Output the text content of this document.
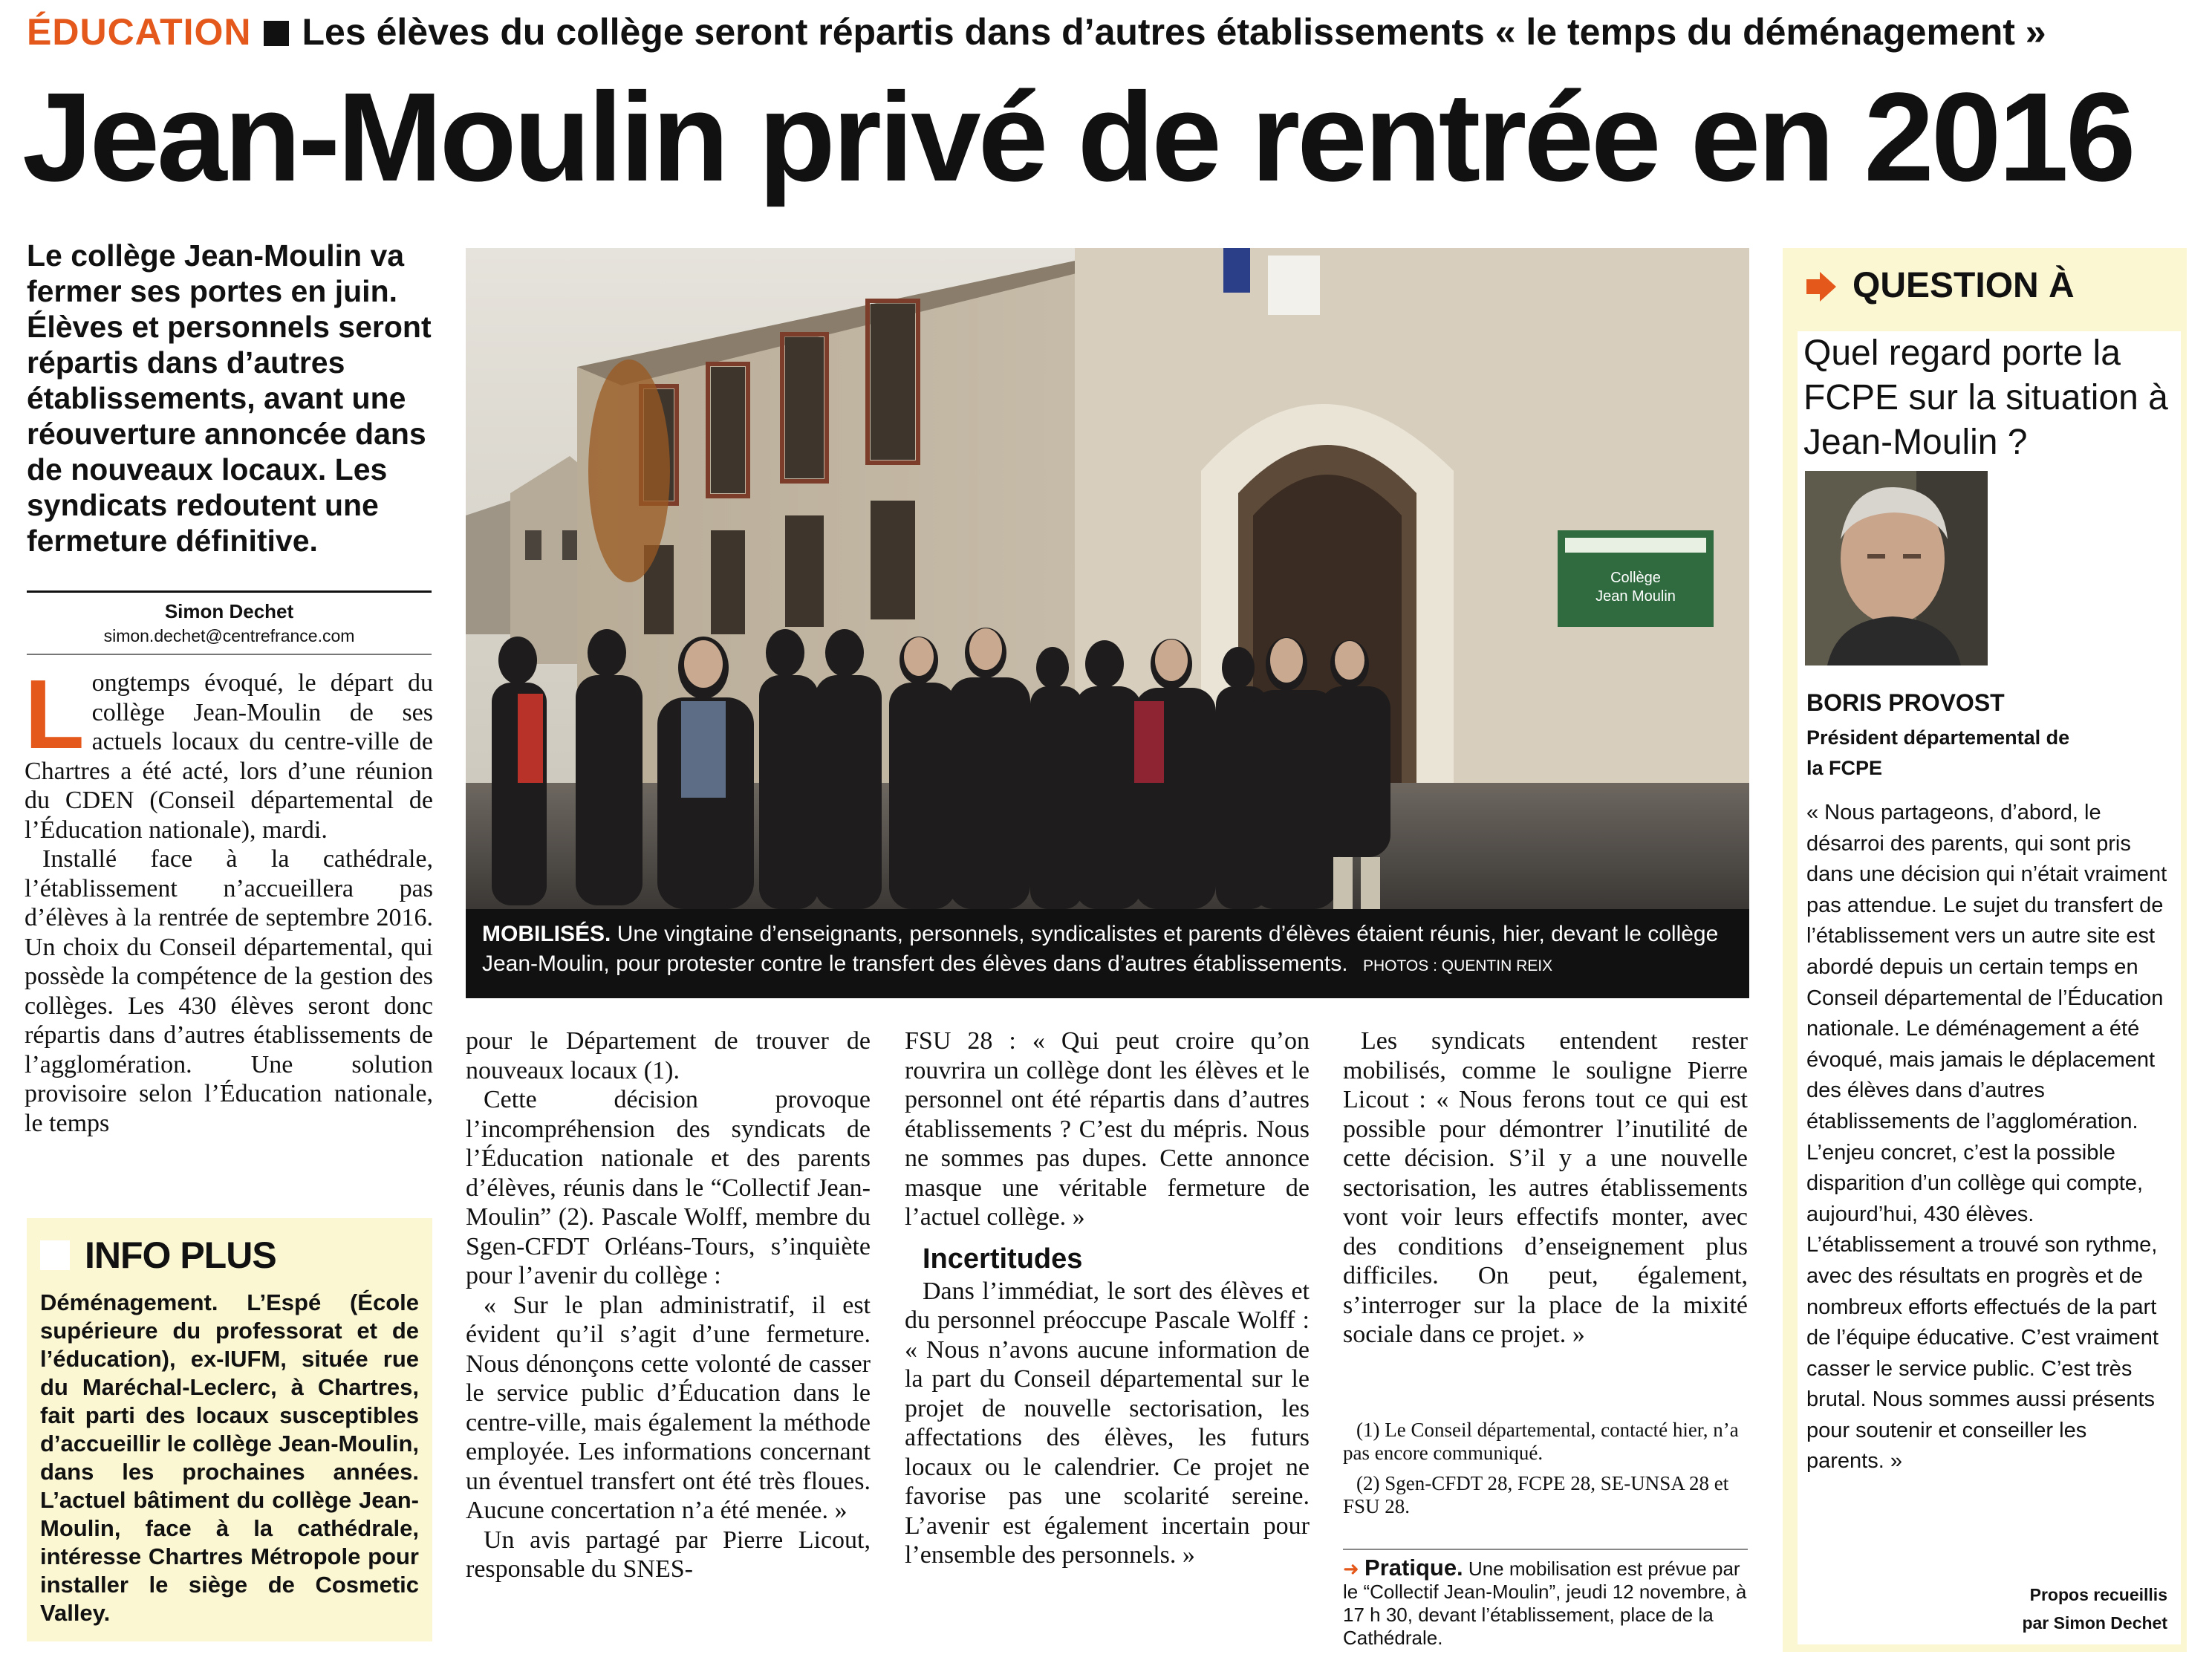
ÉDUCATION Les élèves du collège seront répartis dans d’autres établissements « le temps du déménagement »
Jean-Moulin privé de rentrée en 2016
Le collège Jean-Moulin va fermer ses portes en juin. Élèves et personnels seront répartis dans d’autres établissements, avant une réouverture annoncée dans de nouveaux locaux. Les syndicats redoutent une fermeture définitive.
Simon Dechet
simon.dechet@centrefrance.com
L ongtemps évoqué, le départ du collège Jean-Moulin de ses actuels locaux du centre-ville de Chartres a été acté, lors d’une réunion du CDEN (Conseil départemental de l’Éducation nationale), mardi.

Installé face à la cathédrale, l’établissement n’accueillera pas d’élèves à la rentrée de septembre 2016. Un choix du Conseil départemental, qui possède la compétence de la gestion des collèges. Les 430 élèves seront donc répartis dans d’autres établissements de l’agglomération. Une solution provisoire selon l’Éducation nationale, le temps

INFO PLUS
Déménagement. L’Espé (École supérieure du professorat et de l’éducation), ex-IUFM, située rue du Maréchal-Leclerc, à Chartres, fait parti des locaux susceptibles d’accueillir le collège Jean-Moulin, dans les prochaines années. L’actuel bâtiment du collège Jean-Moulin, face à la cathédrale, intéresse Chartres Métropole pour installer le siège de Cosmetic Valley.
Collège
Jean Moulin
MOBILISÉS. Une vingtaine d’enseignants, personnels, syndicalistes et parents d’élèves étaient réunis, hier, devant le collège Jean-Moulin, pour protester contre le transfert des élèves dans d’autres établissements. PHOTOS : QUENTIN REIX

pour le Département de trouver de nouveaux locaux (1).

Cette décision provoque l’incompréhension des syndicats de l’Éducation nationale et des parents d’élèves, réunis dans le “Collectif Jean-Moulin” (2). Pascale Wolff, membre du Sgen-CFDT Orléans-Tours, s’inquiète pour l’avenir du collège :

« Sur le plan administratif, il est évident qu’il s’agit d’une fermeture. Nous dénonçons cette volonté de casser le service public d’Éducation dans le centre-ville, mais également la méthode employée. Les informations concernant un éventuel transfert ont été très floues. Aucune concertation n’a été menée. »

Un avis partagé par Pierre Licout, responsable du SNES-

FSU 28 : « Qui peut croire qu’on rouvrira un collège dont les élèves et le personnel ont été répartis dans d’autres établissements ? C’est du mépris. Nous ne sommes pas dupes. Cette annonce masque une véritable fermeture de l’actuel collège. »

Incertitudes

Dans l’immédiat, le sort des élèves et du personnel préoccupe Pascale Wolff : « Nous n’avons aucune information de la part du Conseil départemental sur le projet de nouvelle sectorisation, les affectations des élèves, les futurs locaux ou le calendrier. Ce projet ne favorise pas une scolarité sereine. L’avenir est également incertain pour l’ensemble des personnels. »

Les syndicats entendent rester mobilisés, comme le souligne Pierre Licout : « Nous ferons tout ce qui est possible pour démontrer l’inutilité de cette décision. S’il y a une nouvelle sectorisation, les autres établissements vont voir leurs effectifs monter, avec des conditions d’enseignement plus difficiles. On peut, également, s’interroger sur la place de la mixité sociale dans ce projet. »

(1) Le Conseil départemental, contacté hier, n’a pas encore communiqué.

(2) Sgen-CFDT 28, FCPE 28, SE-UNSA 28 et FSU 28.

➜ Pratique. Une mobilisation est prévue par le “Collectif Jean-Moulin”, jeudi 12 novembre, à 17 h 30, devant l’établissement, place de la Cathédrale.
QUESTION À
Quel regard porte la FCPE sur la situation à Jean-Moulin ?
BORIS PROVOST
Président départemental de la FCPE
« Nous partageons, d’abord, le désarroi des parents, qui sont pris dans une décision qui n’était vraiment pas attendue. Le sujet du transfert de l’établissement vers un autre site est abordé depuis un certain temps en Conseil départemental de l’Éducation nationale. Le déménagement a été évoqué, mais jamais le déplacement des élèves dans d’autres établissements de l’agglomération. L’enjeu concret, c’est la possible disparition d’un collège qui compte, aujourd’hui, 430 élèves. L’établissement a trouvé son rythme, avec des résultats en progrès et de nombreux efforts effectués de la part de l’équipe éducative. C’est vraiment casser le service public. C’est très brutal. Nous sommes aussi présents pour soutenir et conseiller les parents. »
Propos recueillis
par Simon Dechet
